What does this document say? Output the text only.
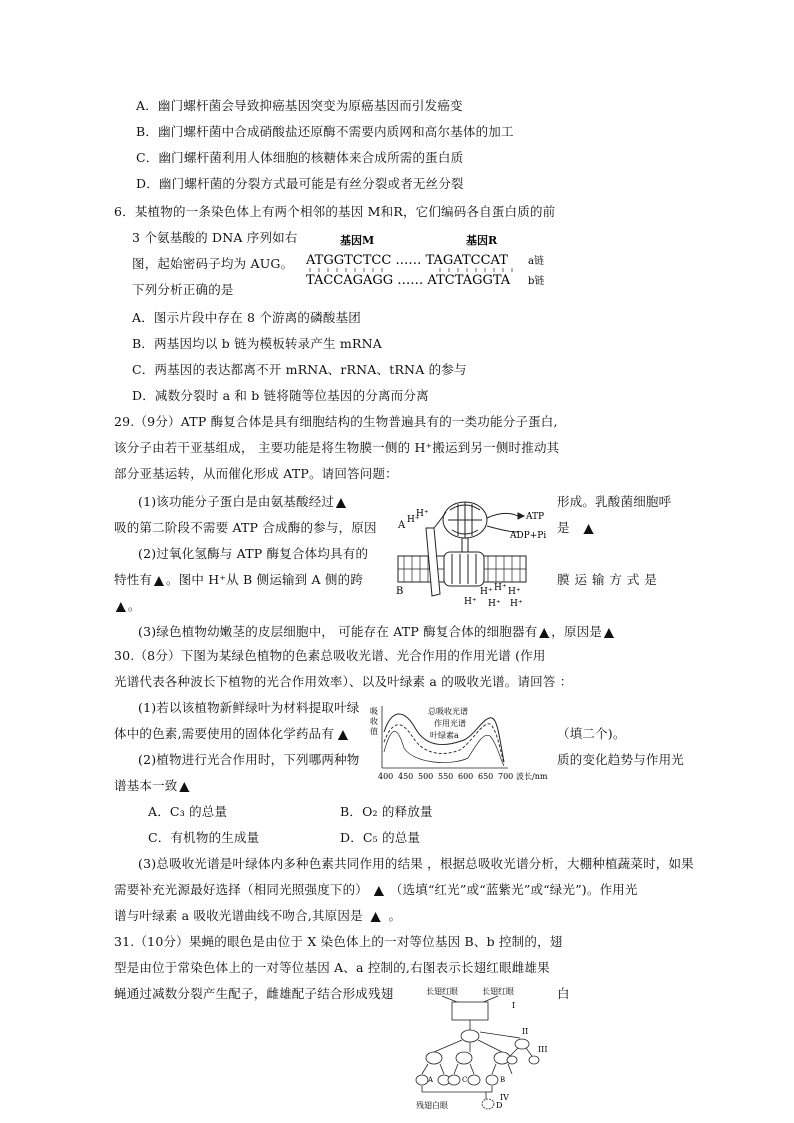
A．幽门螺杆菌会导致抑癌基因突变为原癌基因而引发癌变
B．幽门螺杆菌中合成硝酸盐还原酶不需要内质网和高尔基体的加工
C．幽门螺杆菌利用人体细胞的核糖体来合成所需的蛋白质
D．幽门螺杆菌的分裂方式最可能是有丝分裂或者无丝分裂
6．某植物的一条染色体上有两个相邻的基因 M和R，它们编码各自蛋白质的前
3 个氨基酸的 DNA 序列如右
图，起始密码子均为 AUG。
下列分析正确的是
基因M	基因R
ATGGTCTCC …… TAGATCCAT a链
TACCAGAGG …… ATCTAGGTA b链
A．图示片段中存在 8 个游离的磷酸基团
B．两基因均以 b 链为模板转录产生 mRNA
C．两基因的表达都离不开 mRNA、rRNA、tRNA 的参与
D．减数分裂时 a 和 b 链将随等位基因的分离而分离
29.（9分）ATP 酶复合体是具有细胞结构的生物普遍具有的一类功能分子蛋白,
该分子由若干亚基组成， 主要功能是将生物膜一侧的 H⁺搬运到另一侧时推动其
部分亚基运转，从而催化形成 ATP。请回答问题：
(1)该功能分子蛋白是由氨基酸经过 ▲	形成。乳酸菌细胞呼
吸的第二阶段不需要 ATP 合成酶的参与，原因	是 ▲
(2)过氧化氢酶与 ATP 酶复合体均具有的
特性有 ▲ 。图中 H⁺从 B 侧运输到 A 侧的跨	膜 运 输 方 式 是
▲ 。
(3)绿色植物幼嫩茎的皮层细胞中， 可能存在 ATP 酶复合体的细胞器有 ▲ ，原因是 ▲
ATP
ADP+Pi
A H⁺
H⁺
B	H⁺ H⁺ H⁺
H⁺ H⁺ H⁺
30.（8分）下图为某绿色植物的色素总吸收光谱、光合作用的作用光谱 (作用
光谱代表各种波长下植物的光合作用效率）、以及叶绿素 a 的吸收光谱。请回答 ：
(1)若以该植物新鲜绿叶为材料提取叶绿
体中的色素,需要使用的固体化学药品有 ▲	（填二个)。
(2)植物进行光合作用时，下列哪两种物	质的变化趋势与作用光
谱基本一致 ▲
A．C₃ 的总量	B．O₂ 的释放量
C．有机物的生成量	D．C₅ 的总量
(3)总吸收光谱是叶绿体内多种色素共同作用的结果 ，根据总吸收光谱分析，大棚种植蔬菜时，如果
需要补充光源最好选择（相同光照强度下的） ▲ （选填“红光”或“蓝紫光”或“绿光”)。作用光
谱与叶绿素 a 吸收光谱曲线不吻合,其原因是 ▲ 。
吸
收
值
总吸收光谱
作用光谱
叶绿素a
400 450 500 550 600 650 700 波长/nm
31.（10分）果蝇的眼色是由位于 X 染色体上的一对等位基因 B、b 控制的，翅
型是由位于常染色体上的一对等位基因 A、a 控制的,右图表示长翅红眼雌雄果
蝇通过减数分裂产生配子，雌雄配子结合形成残翅	白
长翅红眼	长翅红眼
I
II
III
IV
A	C	B
D
残翅白眼
